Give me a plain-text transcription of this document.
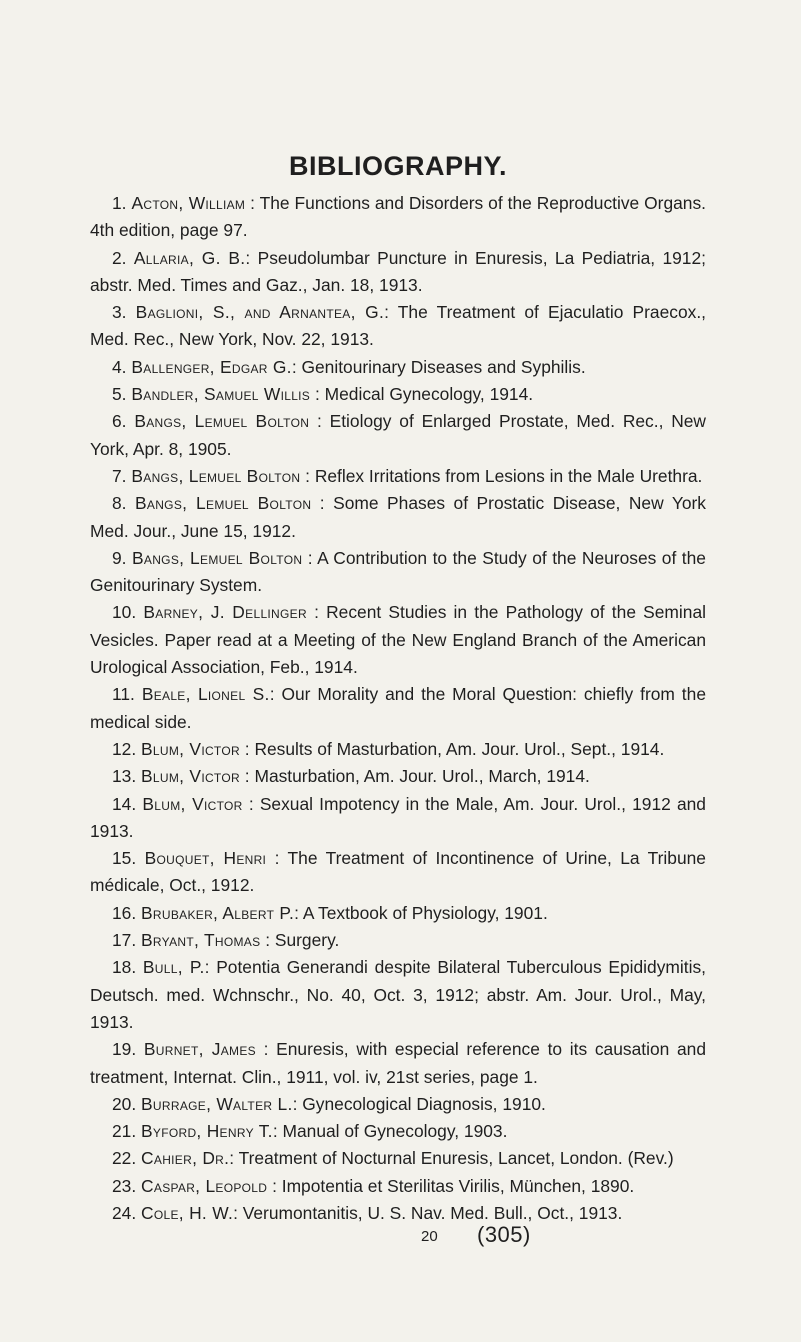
BIBLIOGRAPHY.

1. Acton, William : The Functions and Disorders of the Reproductive Organs. 4th edition, page 97.

2. Allaria, G. B.: Pseudolumbar Puncture in Enuresis, La Pediatria, 1912; abstr. Med. Times and Gaz., Jan. 18, 1913.

3. Baglioni, S., and Arnantea, G.: The Treatment of Ejaculatio Praecox., Med. Rec., New York, Nov. 22, 1913.

4. Ballenger, Edgar G.: Genitourinary Diseases and Syphilis.

5. Bandler, Samuel Willis : Medical Gynecology, 1914.

6. Bangs, Lemuel Bolton : Etiology of Enlarged Prostate, Med. Rec., New York, Apr. 8, 1905.

7. Bangs, Lemuel Bolton : Reflex Irritations from Lesions in the Male Urethra.

8. Bangs, Lemuel Bolton : Some Phases of Prostatic Disease, New York Med. Jour., June 15, 1912.

9. Bangs, Lemuel Bolton : A Contribution to the Study of the Neuroses of the Genitourinary System.

10. Barney, J. Dellinger : Recent Studies in the Pathology of the Seminal Vesicles. Paper read at a Meeting of the New England Branch of the American Urological Association, Feb., 1914.

11. Beale, Lionel S.: Our Morality and the Moral Question: chiefly from the medical side.

12. Blum, Victor : Results of Masturbation, Am. Jour. Urol., Sept., 1914.

13. Blum, Victor : Masturbation, Am. Jour. Urol., March, 1914.

14. Blum, Victor : Sexual Impotency in the Male, Am. Jour. Urol., 1912 and 1913.

15. Bouquet, Henri : The Treatment of Incontinence of Urine, La Tribune médicale, Oct., 1912.

16. Brubaker, Albert P.: A Textbook of Physiology, 1901.

17. Bryant, Thomas : Surgery.

18. Bull, P.: Potentia Generandi despite Bilateral Tuberculous Epididymitis, Deutsch. med. Wchnschr., No. 40, Oct. 3, 1912; abstr. Am. Jour. Urol., May, 1913.

19. Burnet, James : Enuresis, with especial reference to its causation and treatment, Internat. Clin., 1911, vol. iv, 21st series, page 1.

20. Burrage, Walter L.: Gynecological Diagnosis, 1910.

21. Byford, Henry T.: Manual of Gynecology, 1903.

22. Cahier, Dr.: Treatment of Nocturnal Enuresis, Lancet, London. (Rev.)

23. Caspar, Leopold : Impotentia et Sterilitas Virilis, München, 1890.

24. Cole, H. W.: Verumontanitis, U. S. Nav. Med. Bull., Oct., 1913.

20 (305)
